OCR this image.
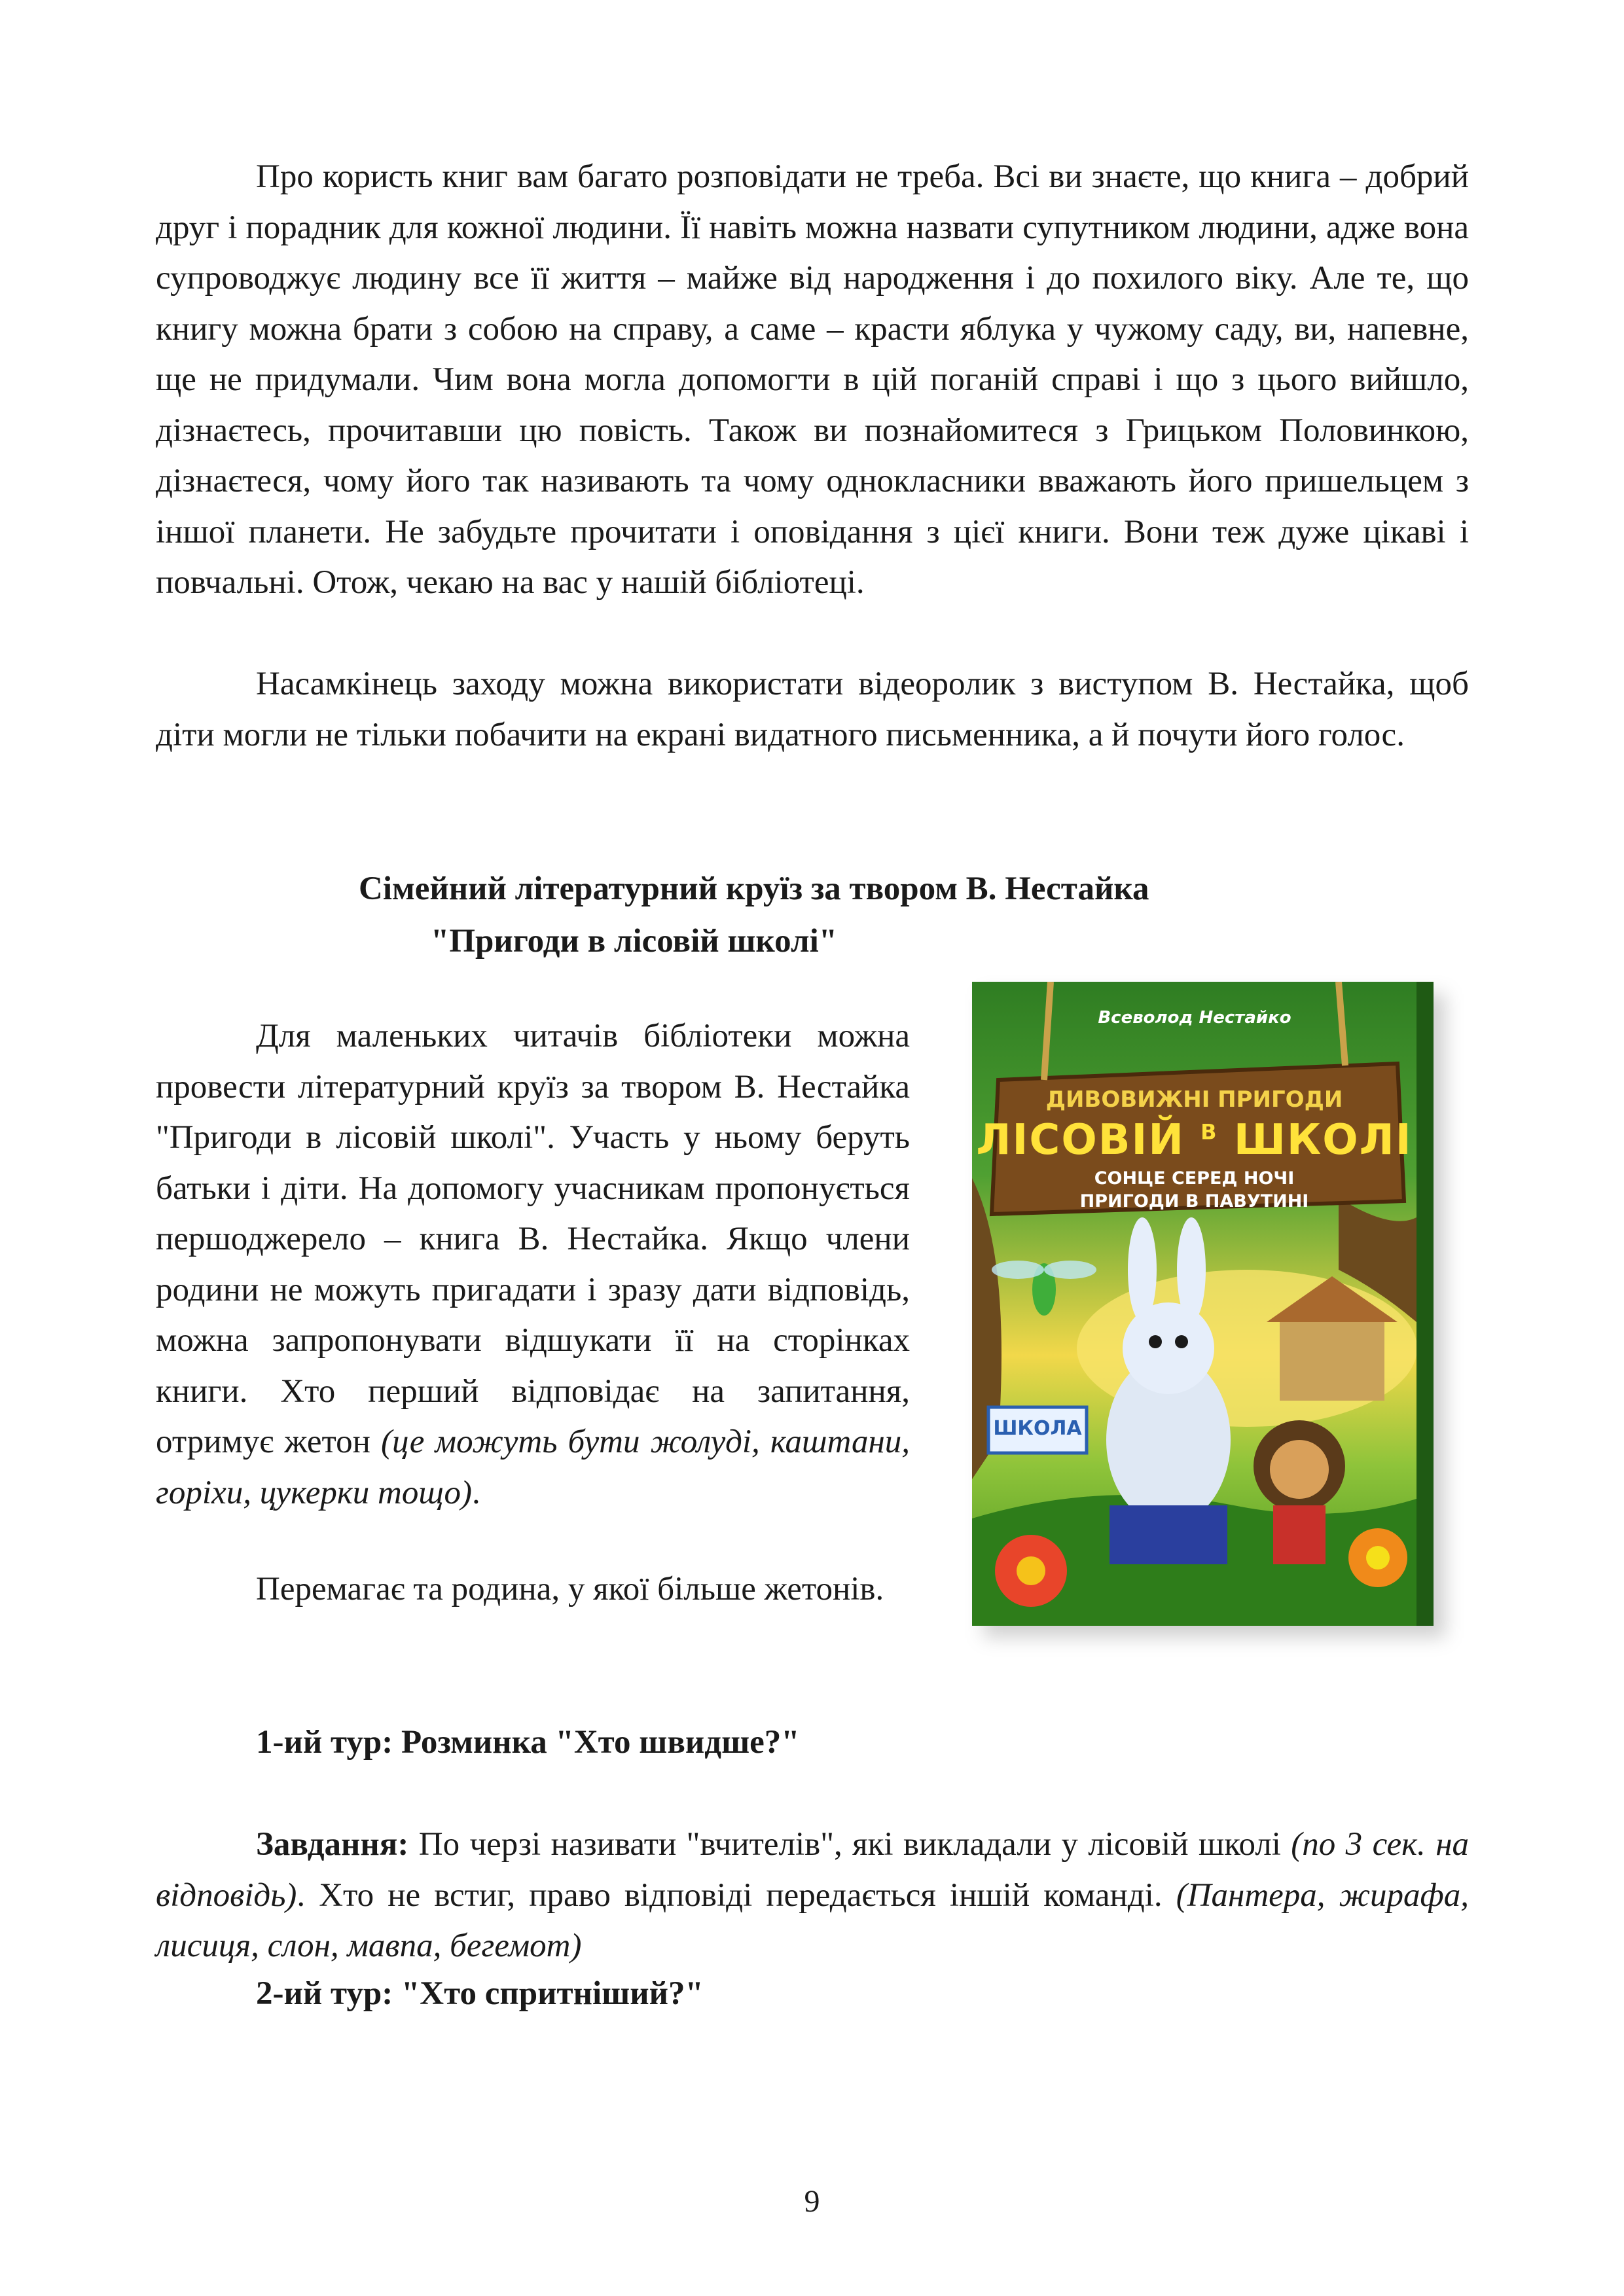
Про користь книг вам багато розповідати не треба. Всі ви знаєте, що книга – добрий друг і порадник для кожної людини. Її навіть можна назвати супутником людини, адже вона супроводжує людину все її життя – майже від народження і до похилого віку. Але те, що книгу можна брати з собою на справу, а саме – красти яблука у чужому саду, ви, напевне, ще не придумали. Чим вона могла допомогти в цій поганій справі і що з цього вийшло, дізнаєтесь, прочитавши цю повість. Також ви познайомитеся з Грицьком Половинкою, дізнаєтеся, чому його так називають та чому однокласники вважають його пришельцем з іншої планети. Не забудьте прочитати і оповідання з цієї книги. Вони теж дуже цікаві і повчальні. Отож, чекаю на вас у нашій бібліотеці.

Насамкінець заходу можна використати відеоролик з виступом В. Нестайка, щоб діти могли не тільки побачити на екрані видатного письменника, а й почути його голос.

Сімейний літературний круїз за твором В. Нестайка

"Пригоди в лісовій школі"

Для маленьких читачів бібліотеки можна провести літературний круїз за твором В. Нестайка "Пригоди в лісовій школі". Участь у ньому беруть батьки і діти. На допомогу учасникам пропонується першоджерело – книга В. Нестайка. Якщо члени родини не можуть пригадати і зразу дати відповідь, можна запропонувати відшукати її на сторінках книги. Хто перший відповідає на запитання, отримує жетон (це можуть бути жолуді, каштани, горіхи, цукерки тощо).

Перемагає та родина, у якої більше жетонів.

Всеволод Нестайко
ДИВОВИЖНІ ПРИГОДИ
ЛІСОВІЙ $^В$ ШКОЛІ
СОНЦЕ СЕРЕД НОЧІ
ПРИГОДИ В ПАВУТИНІ
ШКОЛА

1-ий тур: Розминка "Хто швидше?"

Завдання: По черзі називати "вчителів", які викладали у лісовій школі (по 3 сек. на відповідь). Хто не встиг, право відповіді передається іншій команді. (Пантера, жирафа, лисиця, слон, мавпа, бегемот)

2-ий тур: "Хто спритніший?"

9
